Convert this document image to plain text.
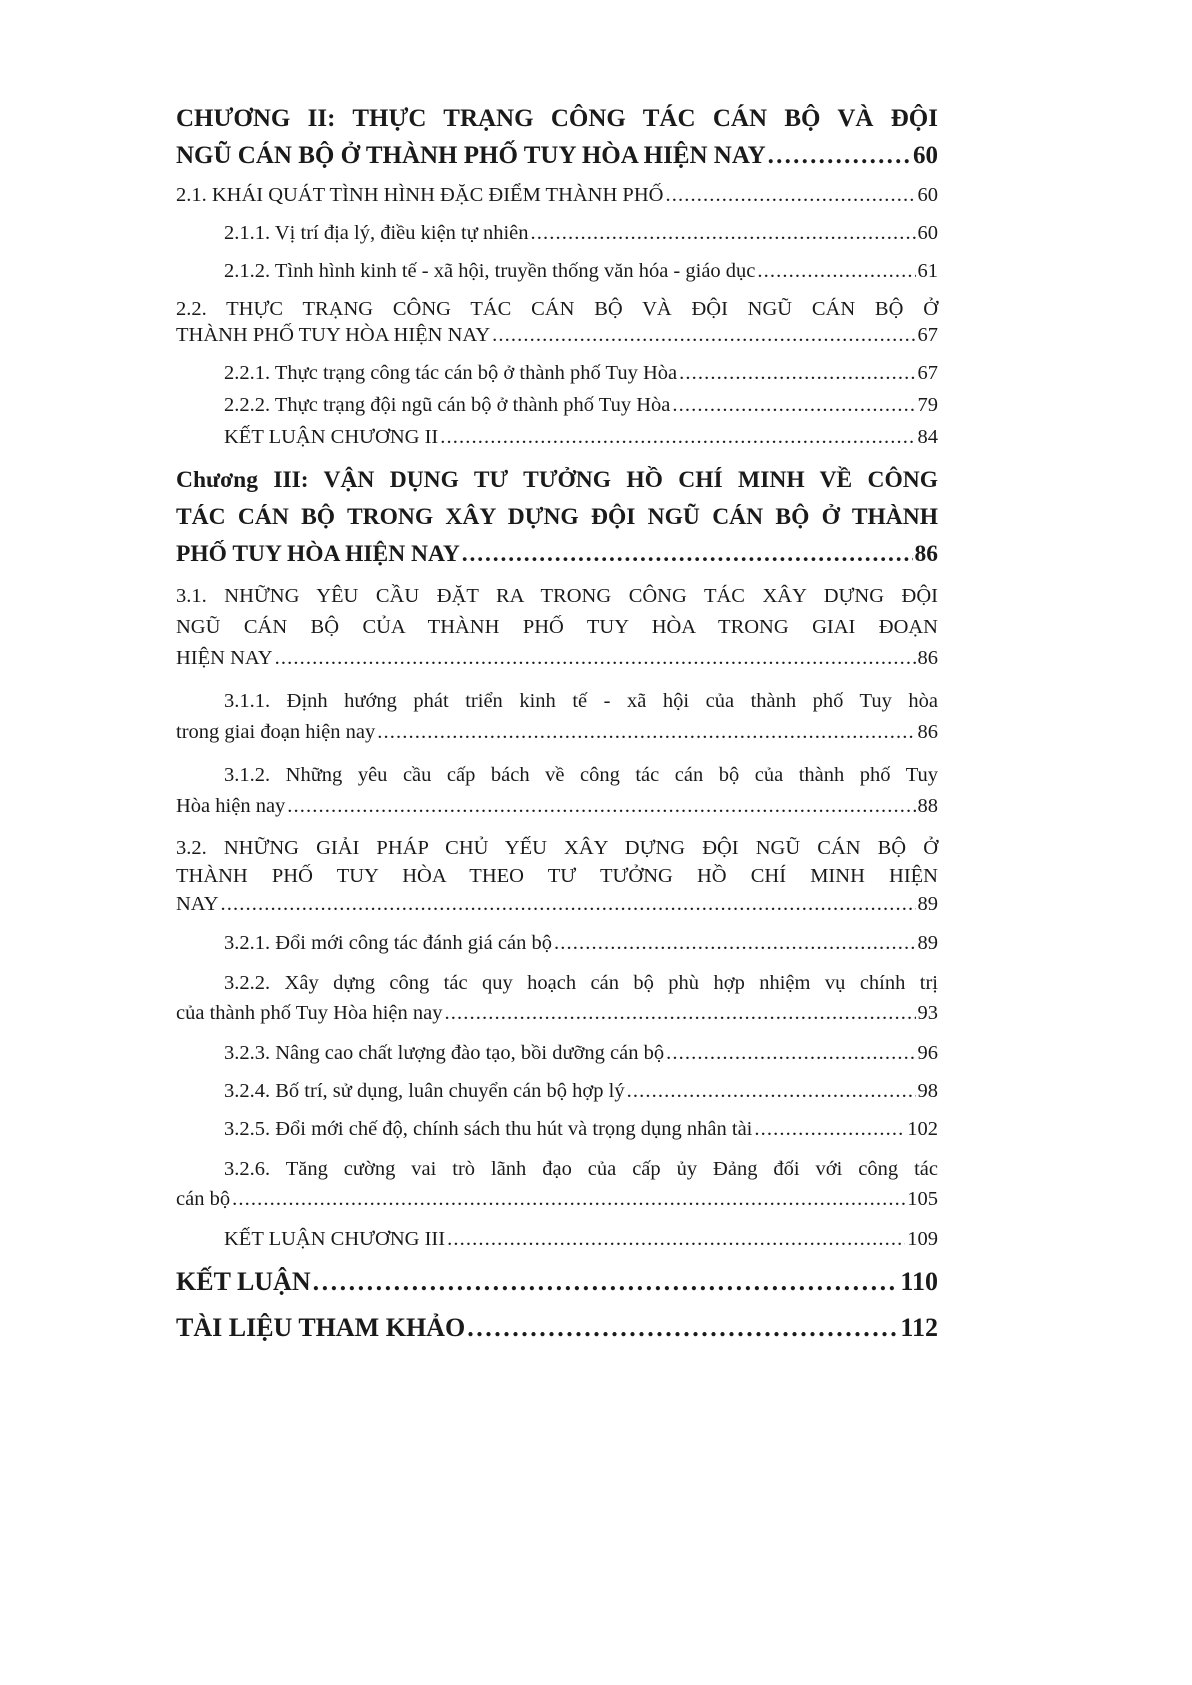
CHƯƠNG II: THỰC TRẠNG CÔNG TÁC CÁN BỘ VÀ ĐỘI
NGŨ CÁN BỘ Ở THÀNH PHỐ TUY HÒA HIỆN NAY . . .	60
2.1. KHÁI QUÁT TÌNH HÌNH ĐẶC ĐIỂM THÀNH PHỐ . . .	60
2.1.1. Vị trí địa lý, điều kiện tự nhiên . . .	60
2.1.2. Tình hình kinh tế - xã hội, truyền thống văn hóa - giáo dục . . .	61
2.2. THỰC TRẠNG CÔNG TÁC CÁN BỘ VÀ ĐỘI NGŨ CÁN BỘ Ở
THÀNH PHỐ TUY HÒA HIỆN NAY . . .	67
2.2.1. Thực trạng công tác cán bộ ở thành phố Tuy Hòa . . .	67
2.2.2. Thực trạng đội ngũ cán bộ ở thành phố Tuy Hòa . . .	79
KẾT LUẬN CHƯƠNG II . . .	84
Chương III: VẬN DỤNG TƯ TƯỞNG HỒ CHÍ MINH VỀ CÔNG
TÁC CÁN BỘ TRONG XÂY DỰNG ĐỘI NGŨ CÁN BỘ Ở THÀNH
PHỐ TUY HÒA HIỆN NAY . . .	86
3.1. NHỮNG YÊU CẦU ĐẶT RA TRONG CÔNG TÁC XÂY DỰNG ĐỘI
NGŨ CÁN BỘ CỦA THÀNH PHỐ TUY HÒA TRONG GIAI ĐOẠN
HIỆN NAY . . .	86
3.1.1. Định hướng phát triển kinh tế - xã hội của thành phố Tuy hòa
trong giai đoạn hiện nay . . .	86
3.1.2. Những yêu cầu cấp bách về công tác cán bộ của thành phố Tuy
Hòa hiện nay . . .	88
3.2. NHỮNG GIẢI PHÁP CHỦ YẾU XÂY DỰNG ĐỘI NGŨ CÁN BỘ Ở
THÀNH PHỐ TUY HÒA THEO TƯ TƯỞNG HỒ CHÍ MINH HIỆN
NAY . . .	89
3.2.1. Đổi mới công tác đánh giá cán bộ . . .	89
3.2.2. Xây dựng công tác quy hoạch cán bộ phù hợp nhiệm vụ chính trị
của thành phố Tuy Hòa hiện nay . . .	93
3.2.3. Nâng cao chất lượng đào tạo, bồi dưỡng cán bộ . . .	96
3.2.4. Bố trí, sử dụng, luân chuyển cán bộ hợp lý . . .	98
3.2.5. Đổi mới chế độ, chính sách thu hút và trọng dụng nhân tài . . .	102
3.2.6. Tăng cường vai trò lãnh đạo của cấp ủy Đảng đối với công tác
cán bộ . . .	105
KẾT LUẬN CHƯƠNG III . . .	109
KẾT LUẬN . . .	110
TÀI LIỆU THAM KHẢO . . .	112
